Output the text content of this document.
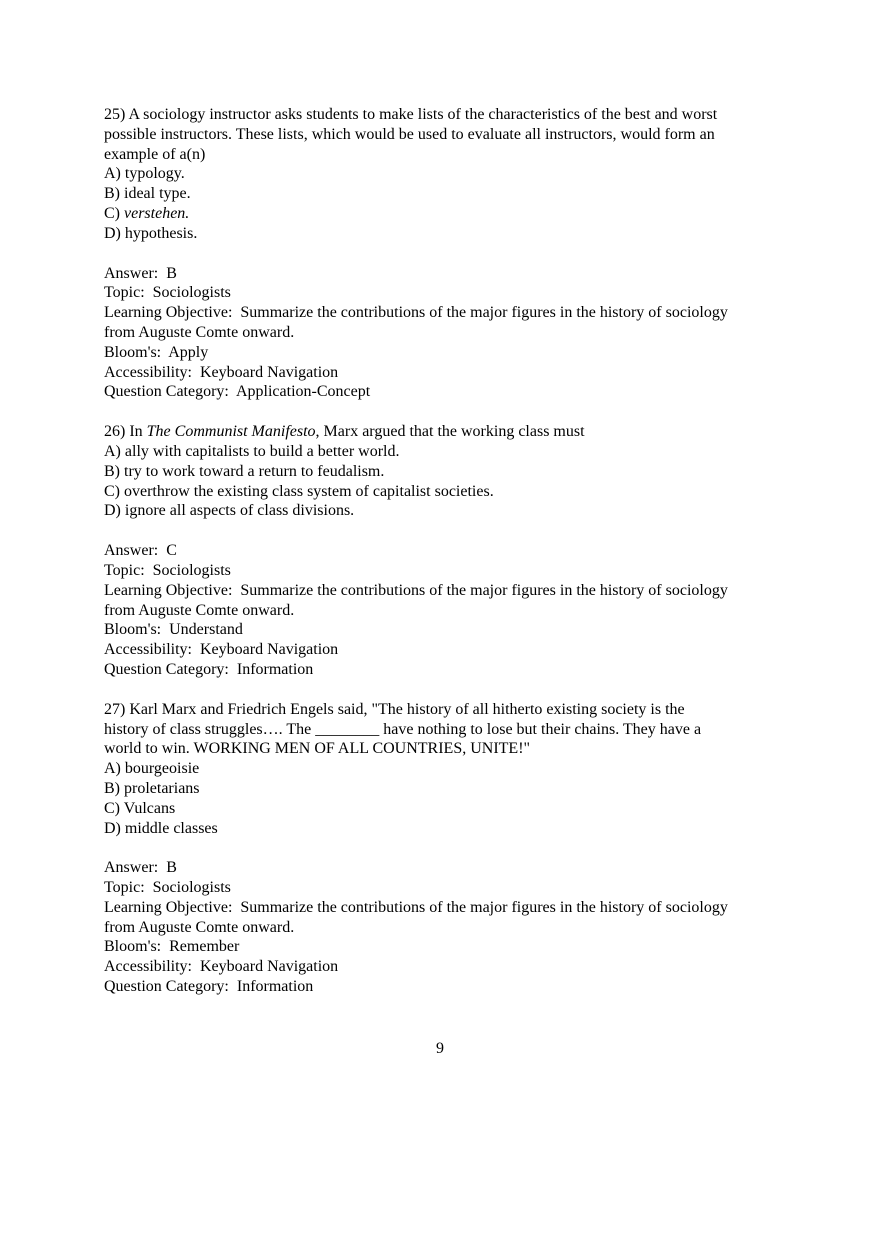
25) A sociology instructor asks students to make lists of the characteristics of the best and worst
possible instructors. These lists, which would be used to evaluate all instructors, would form an
example of a(n)
A) typology.
B) ideal type.
C) verstehen.
D) hypothesis.
Answer:  B
Topic:  Sociologists
Learning Objective:  Summarize the contributions of the major figures in the history of sociology
from Auguste Comte onward.
Bloom's:  Apply
Accessibility:  Keyboard Navigation
Question Category:  Application-Concept
26) In The Communist Manifesto, Marx argued that the working class must
A) ally with capitalists to build a better world.
B) try to work toward a return to feudalism.
C) overthrow the existing class system of capitalist societies.
D) ignore all aspects of class divisions.
Answer:  C
Topic:  Sociologists
Learning Objective:  Summarize the contributions of the major figures in the history of sociology
from Auguste Comte onward.
Bloom's:  Understand
Accessibility:  Keyboard Navigation
Question Category:  Information
27) Karl Marx and Friedrich Engels said, "The history of all hitherto existing society is the
history of class struggles…. The ________ have nothing to lose but their chains. They have a
world to win. WORKING MEN OF ALL COUNTRIES, UNITE!"
A) bourgeoisie
B) proletarians
C) Vulcans
D) middle classes
Answer:  B
Topic:  Sociologists
Learning Objective:  Summarize the contributions of the major figures in the history of sociology
from Auguste Comte onward.
Bloom's:  Remember
Accessibility:  Keyboard Navigation
Question Category:  Information
9
